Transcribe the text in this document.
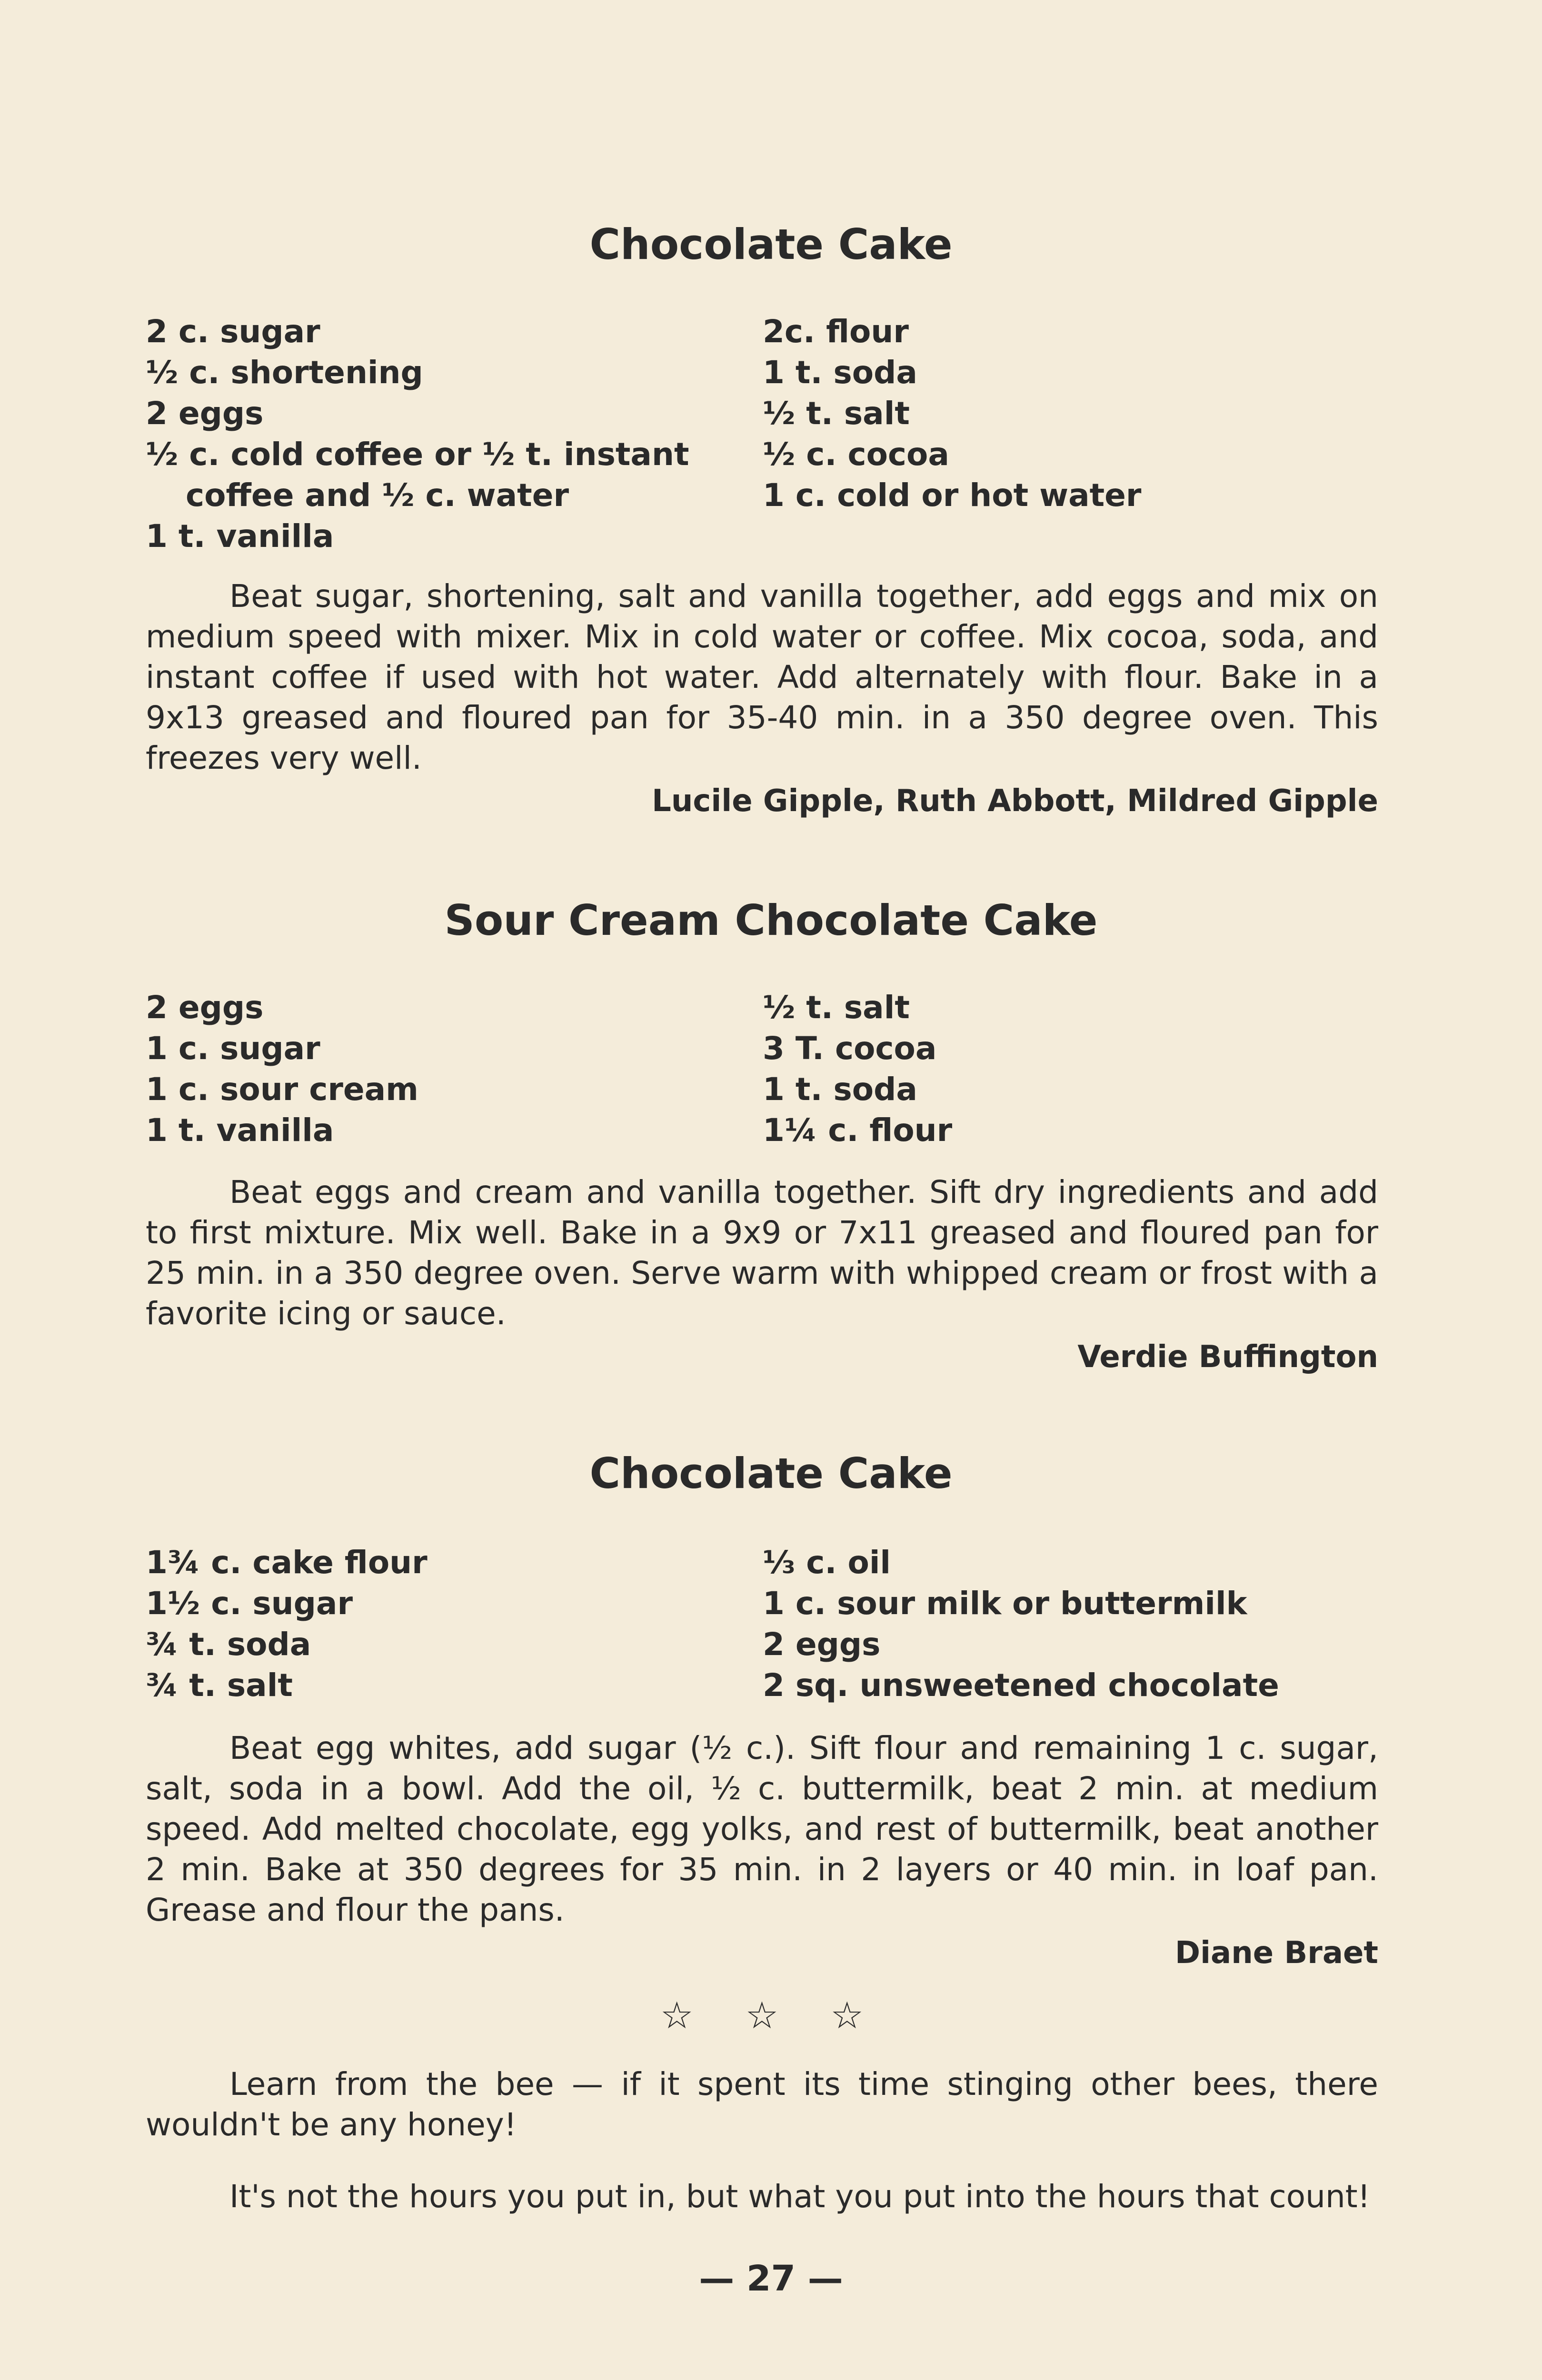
Chocolate Cake
2 c. sugar
½ c. shortening
2 eggs
½ c. cold coffee or ½ t. instant
coffee and ½ c. water
1 t. vanilla
2c. flour
1 t. soda
½ t. salt
½ c. cocoa
1 c. cold or hot water

Beat sugar, shortening, salt and vanilla together, add eggs and mix on medium speed with mixer. Mix in cold water or coffee. Mix cocoa, soda, and instant coffee if used with hot water. Add alternately with flour. Bake in a 9x13 greased and floured pan for 35-40 min. in a 350 degree oven. This freezes very well.

Lucile Gipple, Ruth Abbott, Mildred Gipple
Sour Cream Chocolate Cake
2 eggs
1 c. sugar
1 c. sour cream
1 t. vanilla
½ t. salt
3 T. cocoa
1 t. soda
1¼ c. flour

Beat eggs and cream and vanilla together. Sift dry ingredients and add to first mixture. Mix well. Bake in a 9x9 or 7x11 greased and floured pan for 25 min. in a 350 degree oven. Serve warm with whipped cream or frost with a favorite icing or sauce.

Verdie Buffington
Chocolate Cake
1¾ c. cake flour
1½ c. sugar
¾ t. soda
¾ t. salt
⅓ c. oil
1 c. sour milk or buttermilk
2 eggs
2 sq. unsweetened chocolate

Beat egg whites, add sugar (½ c.). Sift flour and remaining 1 c. sugar, salt, soda in a bowl. Add the oil, ½ c. buttermilk, beat 2 min. at medium speed. Add melted chocolate, egg yolks, and rest of buttermilk, beat another 2 min. Bake at 350 degrees for 35 min. in 2 layers or 40 min. in loaf pan. Grease and flour the pans.

Diane Braet
☆ ☆ ☆

Learn from the bee — if it spent its time stinging other bees, there wouldn't be any honey!

It's not the hours you put in, but what you put into the hours that count!

— 27 —
